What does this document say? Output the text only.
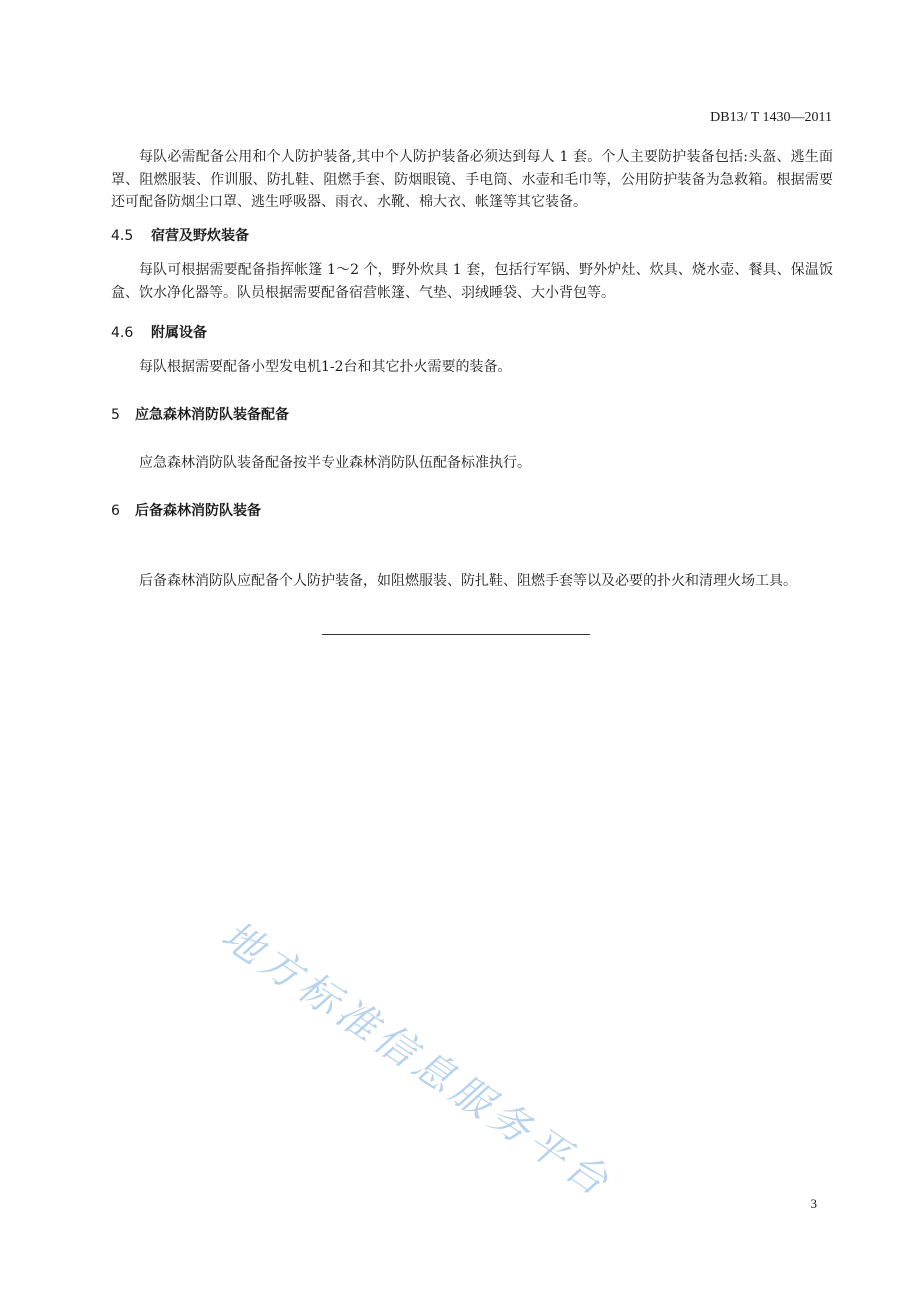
DB13/ T 1430—2011

每队必需配备公用和个人防护装备,其中个人防护装备必须达到每人 1 套。个人主要防护装备包括:头盔、逃生面罩、阻燃服装、作训服、防扎鞋、阻燃手套、防烟眼镜、手电筒、水壶和毛巾等，公用防护装备为急救箱。根据需要还可配备防烟尘口罩、逃生呼吸器、雨衣、水靴、棉大衣、帐篷等其它装备。

4.5 宿营及野炊装备

每队可根据需要配备指挥帐篷 1～2 个，野外炊具 1 套，包括行军锅、野外炉灶、炊具、烧水壶、餐具、保温饭盒、饮水净化器等。队员根据需要配备宿营帐篷、气垫、羽绒睡袋、大小背包等。

4.6 附属设备

每队根据需要配备小型发电机1-2台和其它扑火需要的装备。

5 应急森林消防队装备配备

应急森林消防队装备配备按半专业森林消防队伍配备标准执行。

6 后备森林消防队装备

后备森林消防队应配备个人防护装备，如阻燃服装、防扎鞋、阻燃手套等以及必要的扑火和清理火场工具。

地方标准信息服务平台	3
